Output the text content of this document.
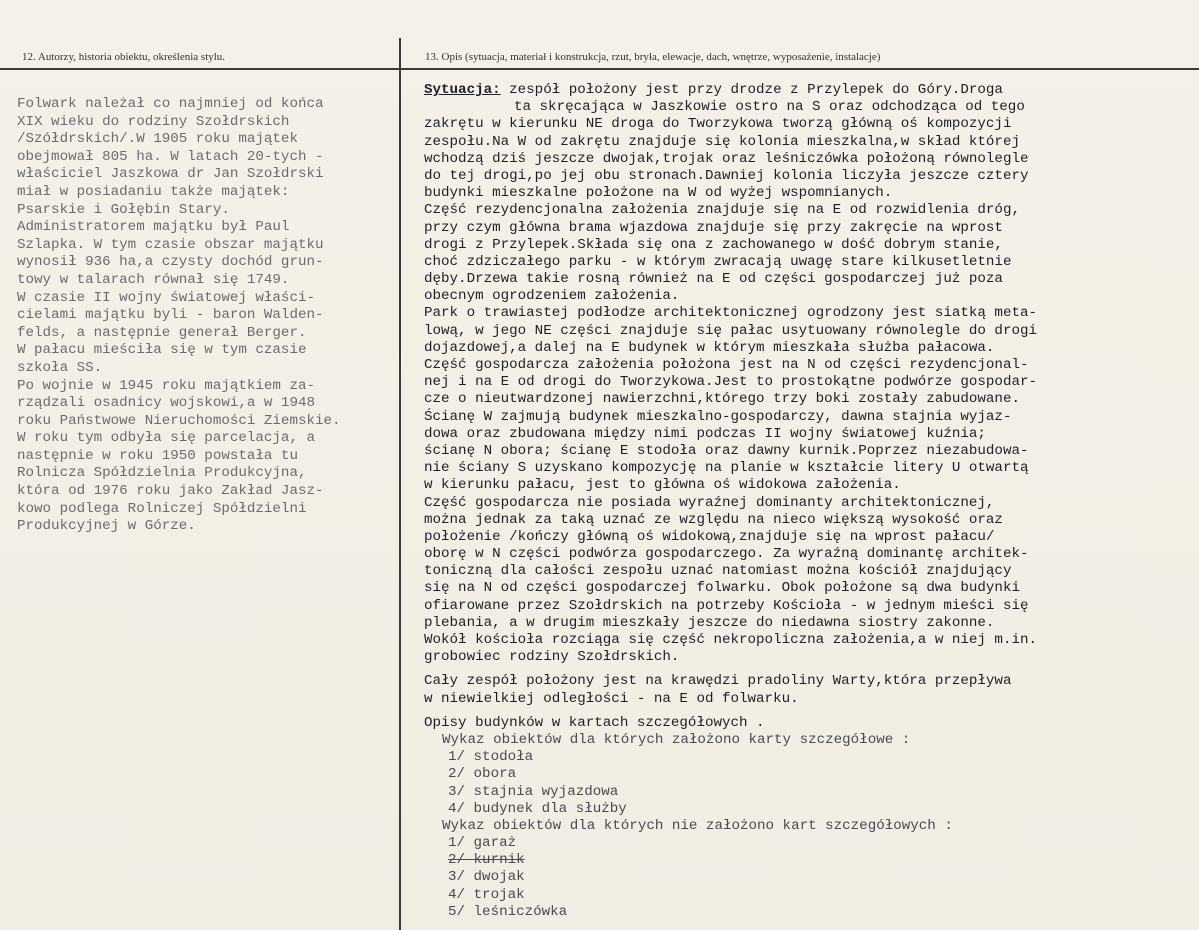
12. Autorzy, historia obiektu, określenia stylu.	13. Opis (sytuacja, materiał i konstrukcja, rzut, bryła, elewacje, dach, wnętrze, wyposażenie, instalacje)
Folwark należał co najmniej od końca
XIX wieku do rodziny Szołdrskich
/Szółdrskich/.W 1905 roku majątek
obejmował 805 ha. W latach 20-tych -
właściciel Jaszkowa dr Jan Szołdrski
miał w posiadaniu także majątek:
Psarskie i Gołębin Stary.
Administratorem majątku był Paul
Szlapka. W tym czasie obszar majątku
wynosił 936 ha,a czysty dochód grun-
towy w talarach równał się 1749.
W czasie II wojny światowej właści-
cielami majątku byli - baron Walden-
felds, a następnie generał Berger.
W pałacu mieściła się w tym czasie
szkoła SS.
Po wojnie w 1945 roku majątkiem za-
rządzali osadnicy wojskowi,a w 1948
roku Państwowe Nieruchomości Ziemskie.
W roku tym odbyła się parcelacja, a
następnie w roku 1950 powstała tu
Rolnicza Spółdzielnia Produkcyjna,
która od 1976 roku jako Zakład Jasz-
kowo podlega Rolniczej Spółdzielni
Produkcyjnej w Górze.
Sytuacja: zespół położony jest przy drodze z Przylepek do Góry.Droga
ta skręcająca w Jaszkowie ostro na S oraz odchodząca od tego
zakrętu w kierunku NE droga do Tworzykowa tworzą główną oś kompozycji
zespołu.Na W od zakrętu znajduje się kolonia mieszkalna,w skład której
wchodzą dziś jeszcze dwojak,trojak oraz leśniczówka położoną równolegle
do tej drogi,po jej obu stronach.Dawniej kolonia liczyła jeszcze cztery
budynki mieszkalne położone na W od wyżej wspomnianych.
Część rezydencjonalna założenia znajduje się na E od rozwidlenia dróg,
przy czym główna brama wjazdowa znajduje się przy zakręcie na wprost
drogi z Przylepek.Składa się ona z zachowanego w dość dobrym stanie,
choć zdziczałego parku - w którym zwracają uwagę stare kilkusetletnie
dęby.Drzewa takie rosną również na E od części gospodarczej już poza
obecnym ogrodzeniem założenia.
Park o trawiastej podłodze architektonicznej ogrodzony jest siatką meta-
lową, w jego NE części znajduje się pałac usytuowany równolegle do drogi
dojazdowej,a dalej na E budynek w którym mieszkała służba pałacowa.
Część gospodarcza założenia położona jest na N od części rezydencjonal-
nej i na E od drogi do Tworzykowa.Jest to prostokątne podwórze gospodar-
cze o nieutwardzonej nawierzchni,którego trzy boki zostały zabudowane.
Ścianę W zajmują budynek mieszkalno-gospodarczy, dawna stajnia wyjaz-
dowa oraz zbudowana między nimi podczas II wojny światowej kuźnia;
ścianę N obora; ścianę E stodoła oraz dawny kurnik.Poprzez niezabudowa-
nie ściany S uzyskano kompozycję na planie w kształcie litery U otwartą
w kierunku pałacu, jest to główna oś widokowa założenia.
Część gospodarcza nie posiada wyraźnej dominanty architektonicznej,
można jednak za taką uznać ze względu na nieco większą wysokość oraz
położenie /kończy główną oś widokową,znajduje się na wprost pałacu/
oborę w N części podwórza gospodarczego. Za wyraźną dominantę architek-
toniczną dla całości zespołu uznać natomiast można kościół znajdujący
się na N od części gospodarczej folwarku. Obok położone są dwa budynki
ofiarowane przez Szołdrskich na potrzeby Kościoła - w jednym mieści się
plebania, a w drugim mieszkały jeszcze do niedawna siostry zakonne.
Wokół kościoła rozciąga się część nekropoliczna założenia,a w niej m.in.
grobowiec rodziny Szołdrskich.
Cały zespół położony jest na krawędzi pradoliny Warty,która przepływa
w niewielkiej odległości - na E od folwarku.
Opisy budynków w kartach szczegółowych .
Wykaz obiektów dla których założono karty szczegółowe :
1/ stodoła
2/ obora
3/ stajnia wyjazdowa
4/ budynek dla służby
Wykaz obiektów dla których nie założono kart szczegółowych :
1/ garaż
2/ kurnik
3/ dwojak
4/ trojak
5/ leśniczówka
